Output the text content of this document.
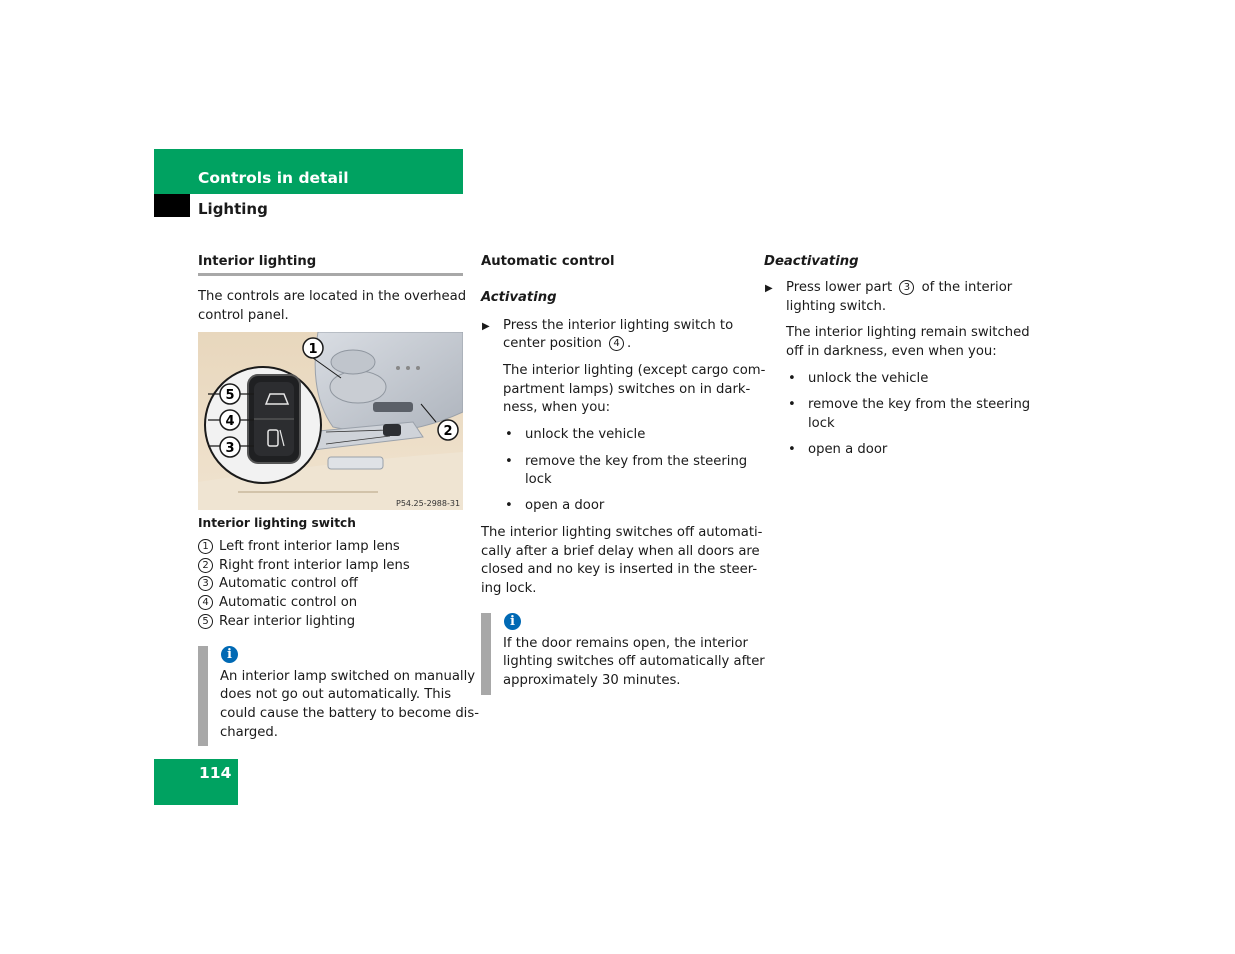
Controls in detail
Lighting
Interior lighting
The controls are located in the overhead
control panel.
1
2
5
4
3
P54.25-2988-31
Interior lighting switch
1 Left front interior lamp lens
2 Right front interior lamp lens
3 Automatic control off
4 Automatic control on
5 Rear interior lighting
i
An interior lamp switched on manually
does not go out automatically. This
could cause the battery to become dis-
charged.
Automatic control
Activating
▶ Press the interior lighting switch to
center position 4 .
The interior lighting (except cargo com-
partment lamps) switches on in dark-
ness, when you:
• unlock the vehicle
• remove the key from the steering
lock
• open a door
The interior lighting switches off automati-
cally after a brief delay when all doors are
closed and no key is inserted in the steer-
ing lock.
i
If the door remains open, the interior
lighting switches off automatically after
approximately 30 minutes.
Deactivating
▶ Press lower part 3 of the interior
lighting switch.
The interior lighting remain switched
off in darkness, even when you:
• unlock the vehicle
• remove the key from the steering
lock
• open a door
114
